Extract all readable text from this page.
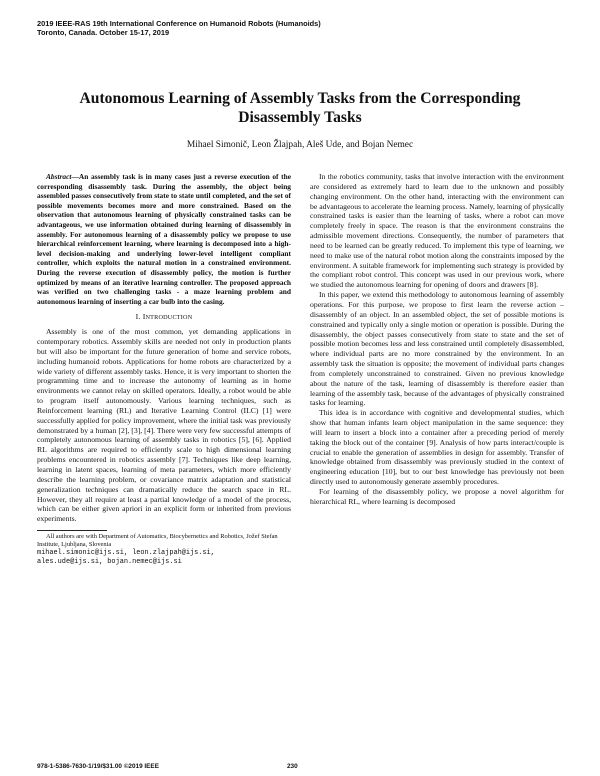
2019 IEEE-RAS 19th International Conference on Humanoid Robots (Humanoids)
Toronto, Canada. October 15-17, 2019
Autonomous Learning of Assembly Tasks from the Corresponding Disassembly Tasks
Mihael Simonič, Leon Žlajpah, Aleš Ude, and Bojan Nemec

Abstract—An assembly task is in many cases just a reverse execution of the corresponding disassembly task. During the assembly, the object being assembled passes consecutively from state to state until completed, and the set of possible movements becomes more and more constrained. Based on the observation that autonomous learning of physically constrained tasks can be advantageous, we use information obtained during learning of disassembly in assembly. For autonomous learning of a disassembly policy we propose to use hierarchical reinforcement learning, where learning is decomposed into a high-level decision-making and underlying lower-level intelligent compliant controller, which exploits the natural motion in a constrained environment. During the reverse execution of disassembly policy, the motion is further optimized by means of an iterative learning controller. The proposed approach was verified on two challenging tasks - a maze learning problem and autonomous learning of inserting a car bulb into the casing.

I. INTRODUCTION

Assembly is one of the most common, yet demanding applications in contemporary robotics. Assembly skills are needed not only in production plants but will also be important for the future generation of home and service robots, including humanoid robots. Applications for home robots are characterized by a wide variety of different assembly tasks. Hence, it is very important to shorten the programming time and to increase the autonomy of learning as in home environments we cannot relay on skilled operators. Ideally, a robot would be able to program itself autonomously. Various learning techniques, such as Reinforcement learning (RL) and Iterative Learning Control (ILC) [1] were successfully applied for policy improvement, where the initial task was previously demonstrated by a human [2], [3], [4]. There were very few successful attempts of completely autonomous learning of assembly tasks in robotics [5], [6]. Applied RL algorithms are required to efficiently scale to high dimensional learning problems encountered in robotics assembly [7]. Techniques like deep learning, learning in latent spaces, learning of meta parameters, which more efficiently describe the learning problem, or covariance matrix adaptation and statistical generalization techniques can dramatically reduce the search space in RL. However, they all require at least a partial knowledge of a model of the process, which can be either given apriori in an explicit form or inherited from previous experiments.

All authors are with Department of Automatics, Biocybernetics and Robotics, Jožef Stefan Institute, Ljubljana, Slovenia

mihael.simonic@ijs.si, leon.zlajpah@ijs.si,

ales.ude@ijs.si, bojan.nemec@ijs.si

In the robotics community, tasks that involve interaction with the environment are considered as extremely hard to learn due to the unknown and possibly changing environment. On the other hand, interacting with the environment can be advantageous to accelerate the learning process. Namely, learning of physically constrained tasks is easier than the learning of tasks, where a robot can move completely freely in space. The reason is that the environment constrains the admissible movement directions. Consequently, the number of parameters that need to be learned can be greatly reduced. To implement this type of learning, we need to make use of the natural robot motion along the constraints imposed by the environment. A suitable framework for implementing such strategy is provided by the compliant robot control. This concept was used in our previous work, where we studied the autonomous learning for opening of doors and drawers [8].

In this paper, we extend this methodology to autonomous learning of assembly operations. For this purpose, we propose to first learn the reverse action – disassembly of an object. In an assembled object, the set of possible motions is constrained and typically only a single motion or operation is possible. During the disassembly, the object passes consecutively from state to state and the set of possible motion becomes less and less constrained until completely disassembled, where individual parts are no more constrained by the environment. In an assembly task the situation is opposite; the movement of individual parts changes from completely unconstrained to constrained. Given no previous knowledge about the nature of the task, learning of disassembly is therefore easier than learning of the assembly task, because of the advantages of physically constrained tasks for learning.

This idea is in accordance with cognitive and developmental studies, which show that human infants learn object manipulation in the same sequence: they will learn to insert a block into a container after a preceding period of merely taking the block out of the container [9]. Analysis of how parts interact/couple is crucial to enable the generation of assemblies in design for assembly. Transfer of knowledge obtained from disassembly was previously studied in the context of engineering education [10], but to our best knowledge has previously not been directly used to autonomously generate assembly procedures.

For learning of the disassembly policy, we propose a novel algorithm for hierarchical RL, where learning is decomposed

978-1-5386-7630-1/19/$31.00 ©2019 IEEE	230
